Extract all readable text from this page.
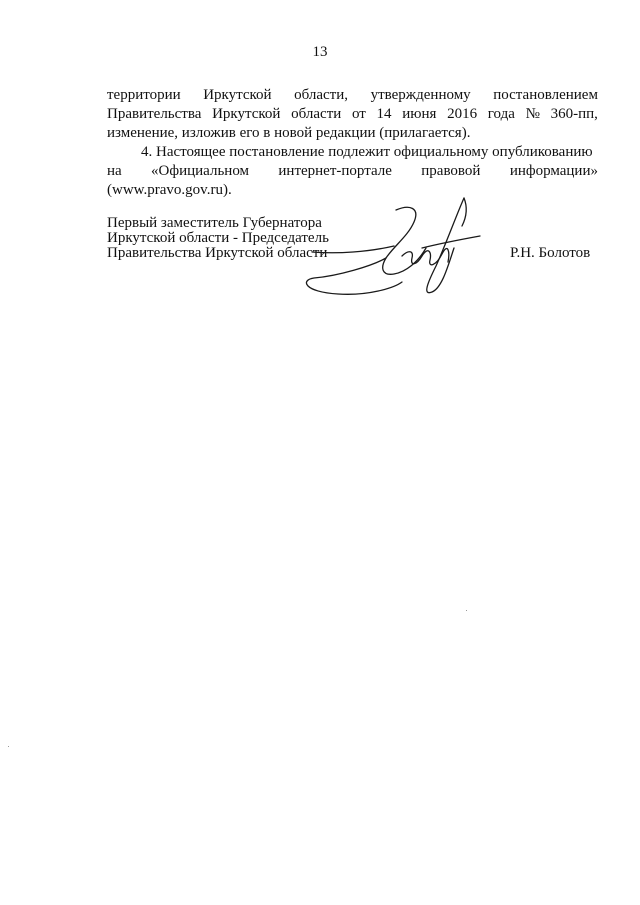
13
территории Иркутской области, утвержденному постановлением
Правительства Иркутской области от 14 июня 2016 года № 360-пп,
изменение, изложив его в новой редакции (прилагается).
4. Настоящее постановление подлежит официальному опубликованию
на «Официальном интернет-портале правовой информации»
(www.pravo.gov.ru).
Первый заместитель Губернатора
Иркутской области - Председатель
Правительства Иркутской области	Р.Н. Болотов
